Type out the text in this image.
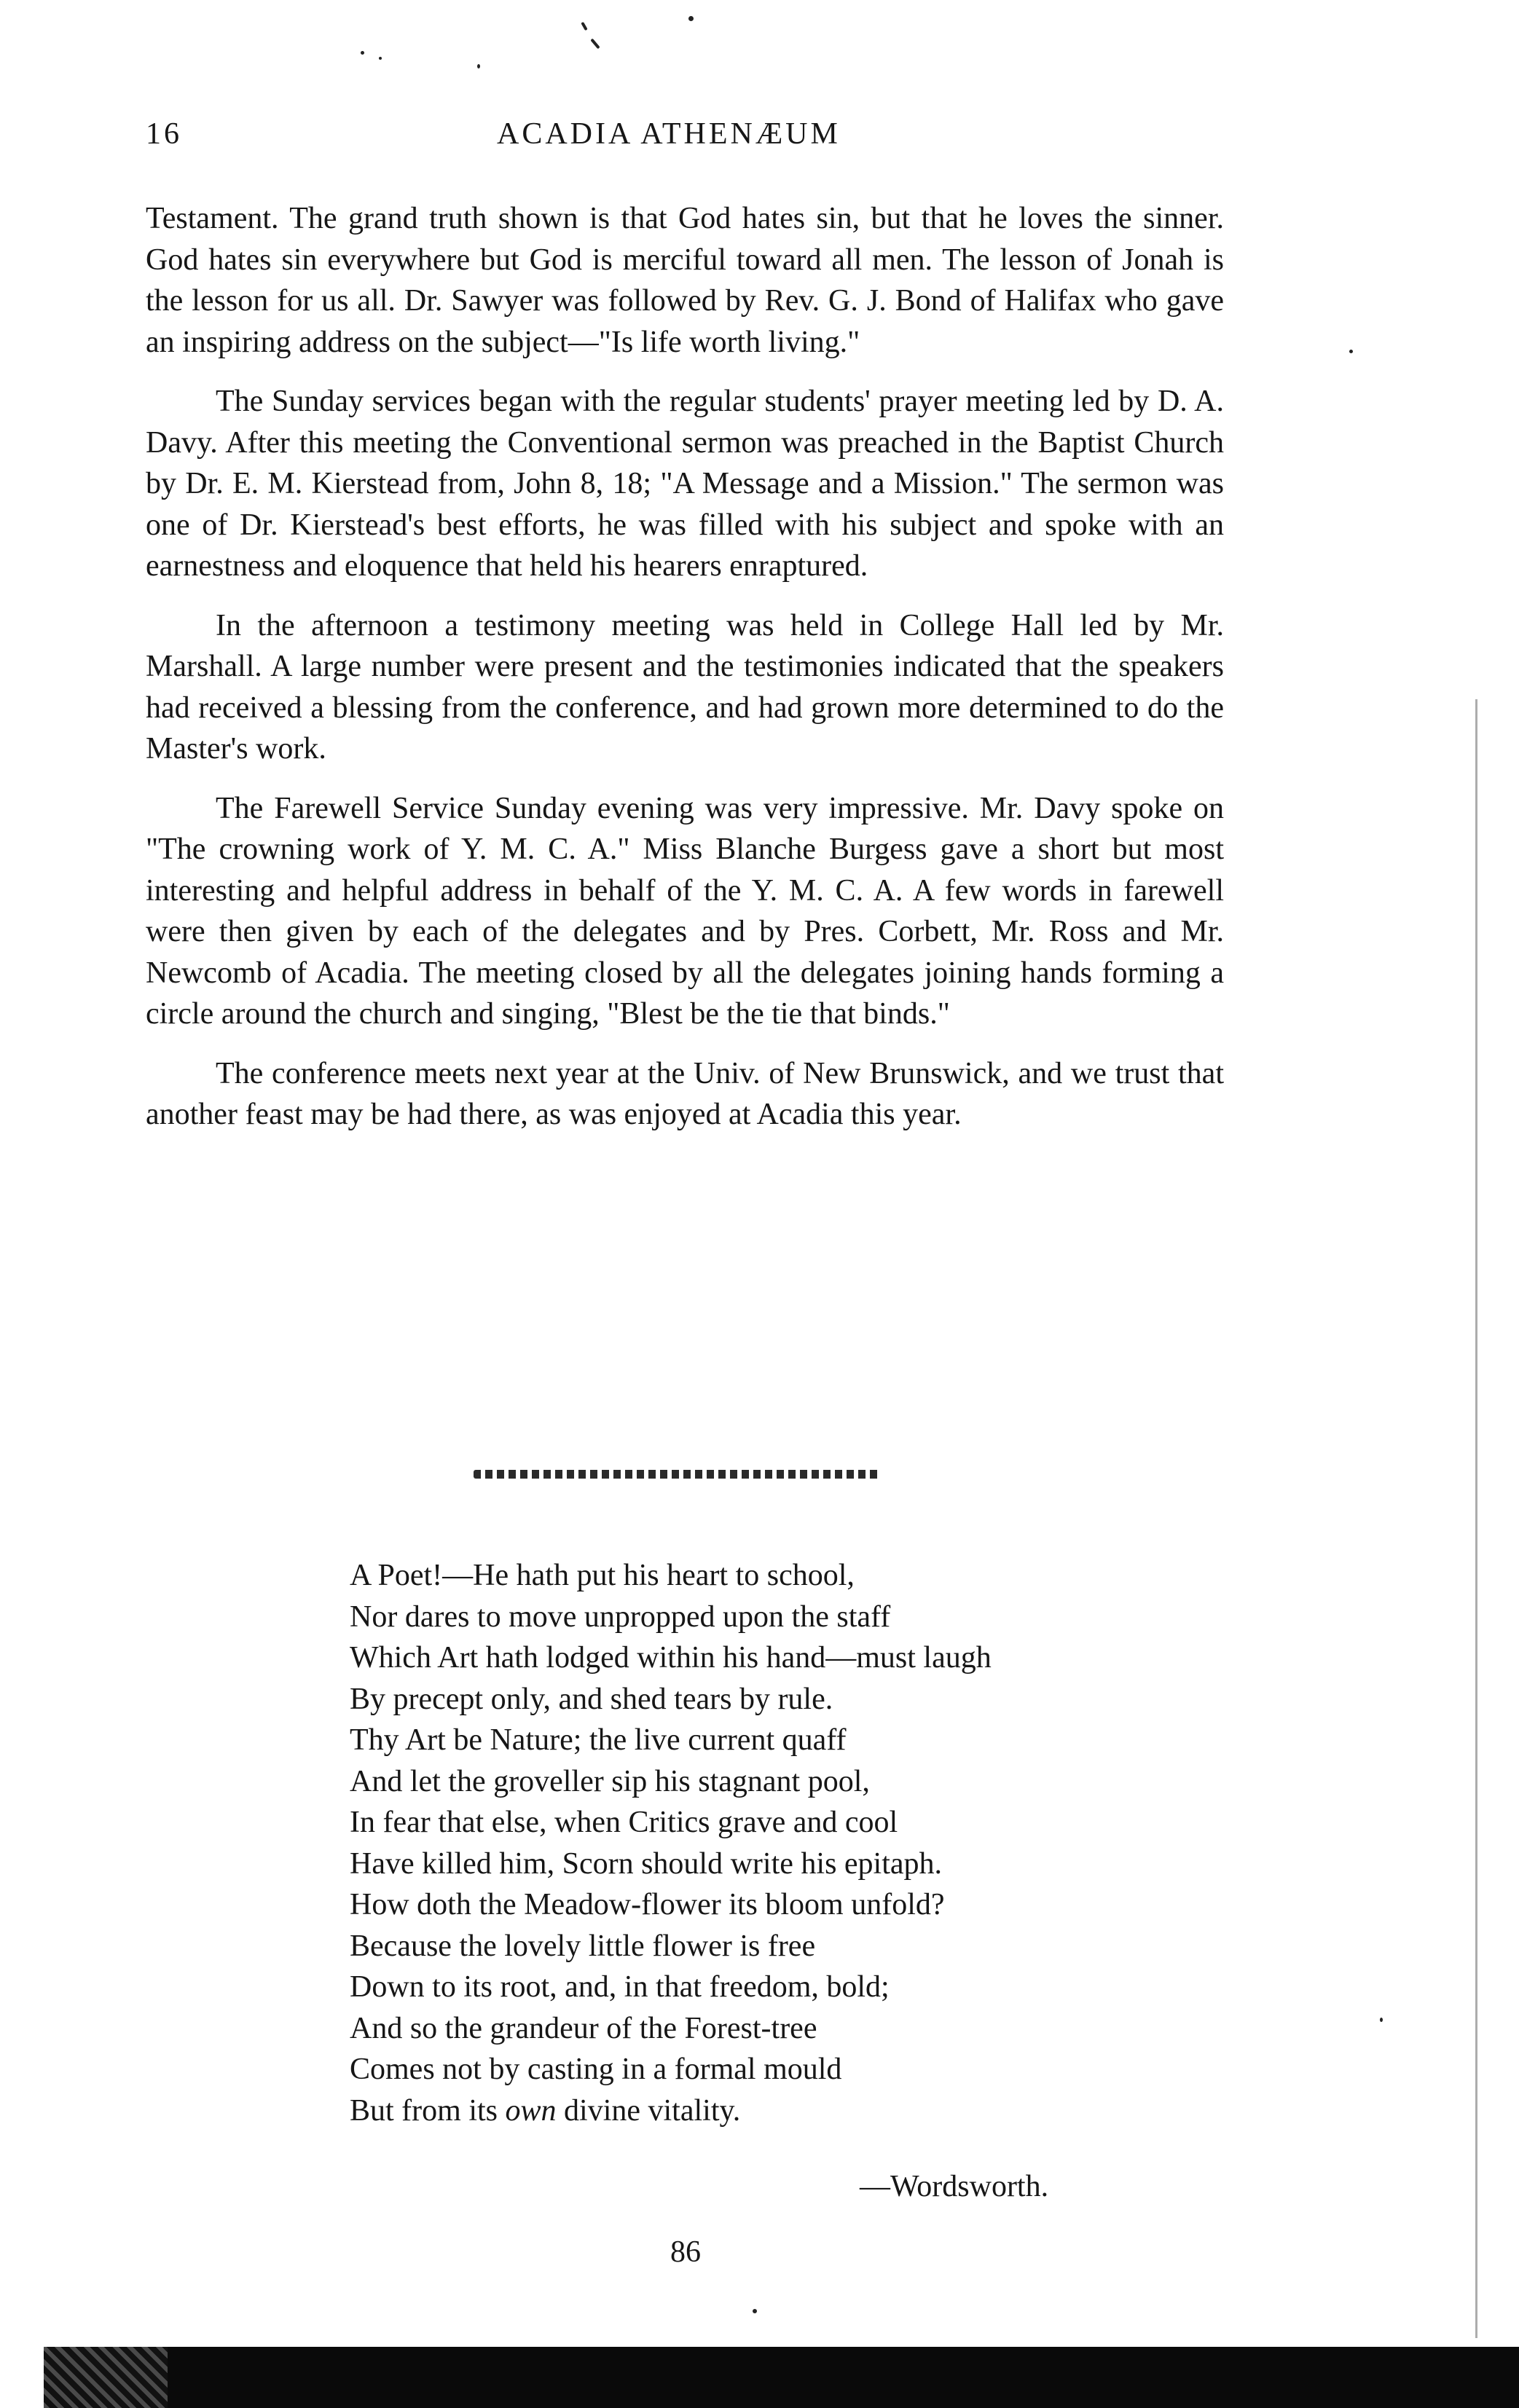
16	ACADIA ATHENÆUM

Testament. The grand truth shown is that God hates sin, but that he loves the sinner. God hates sin everywhere but God is merciful toward all men. The lesson of Jonah is the lesson for us all. Dr. Sawyer was followed by Rev. G. J. Bond of Halifax who gave an inspiring address on the subject—"Is life worth living."

The Sunday services began with the regular students' prayer meeting led by D. A. Davy. After this meeting the Conventional sermon was preached in the Baptist Church by Dr. E. M. Kierstead from, John 8, 18; "A Message and a Mission." The sermon was one of Dr. Kierstead's best efforts, he was filled with his subject and spoke with an earnestness and eloquence that held his hearers enraptured.

In the afternoon a testimony meeting was held in College Hall led by Mr. Marshall. A large number were present and the testimonies indicated that the speakers had received a blessing from the conference, and had grown more determined to do the Master's work.

The Farewell Service Sunday evening was very impressive. Mr. Davy spoke on "The crowning work of Y. M. C. A." Miss Blanche Burgess gave a short but most interesting and helpful address in behalf of the Y. M. C. A. A few words in farewell were then given by each of the delegates and by Pres. Corbett, Mr. Ross and Mr. Newcomb of Acadia. The meeting closed by all the delegates joining hands forming a circle around the church and singing, "Blest be the tie that binds."

The conference meets next year at the Univ. of New Brunswick, and we trust that another feast may be had there, as was enjoyed at Acadia this year.

A Poet!—He hath put his heart to school,
Nor dares to move unpropped upon the staff
Which Art hath lodged within his hand—must laugh
By precept only, and shed tears by rule.
Thy Art be Nature; the live current quaff
And let the groveller sip his stagnant pool,
In fear that else, when Critics grave and cool
Have killed him, Scorn should write his epitaph.
How doth the Meadow-flower its bloom unfold?
Because the lovely little flower is free
Down to its root, and, in that freedom, bold;
And so the grandeur of the Forest-tree
Comes not by casting in a formal mould
But from its own divine vitality.
—Wordsworth.
86
